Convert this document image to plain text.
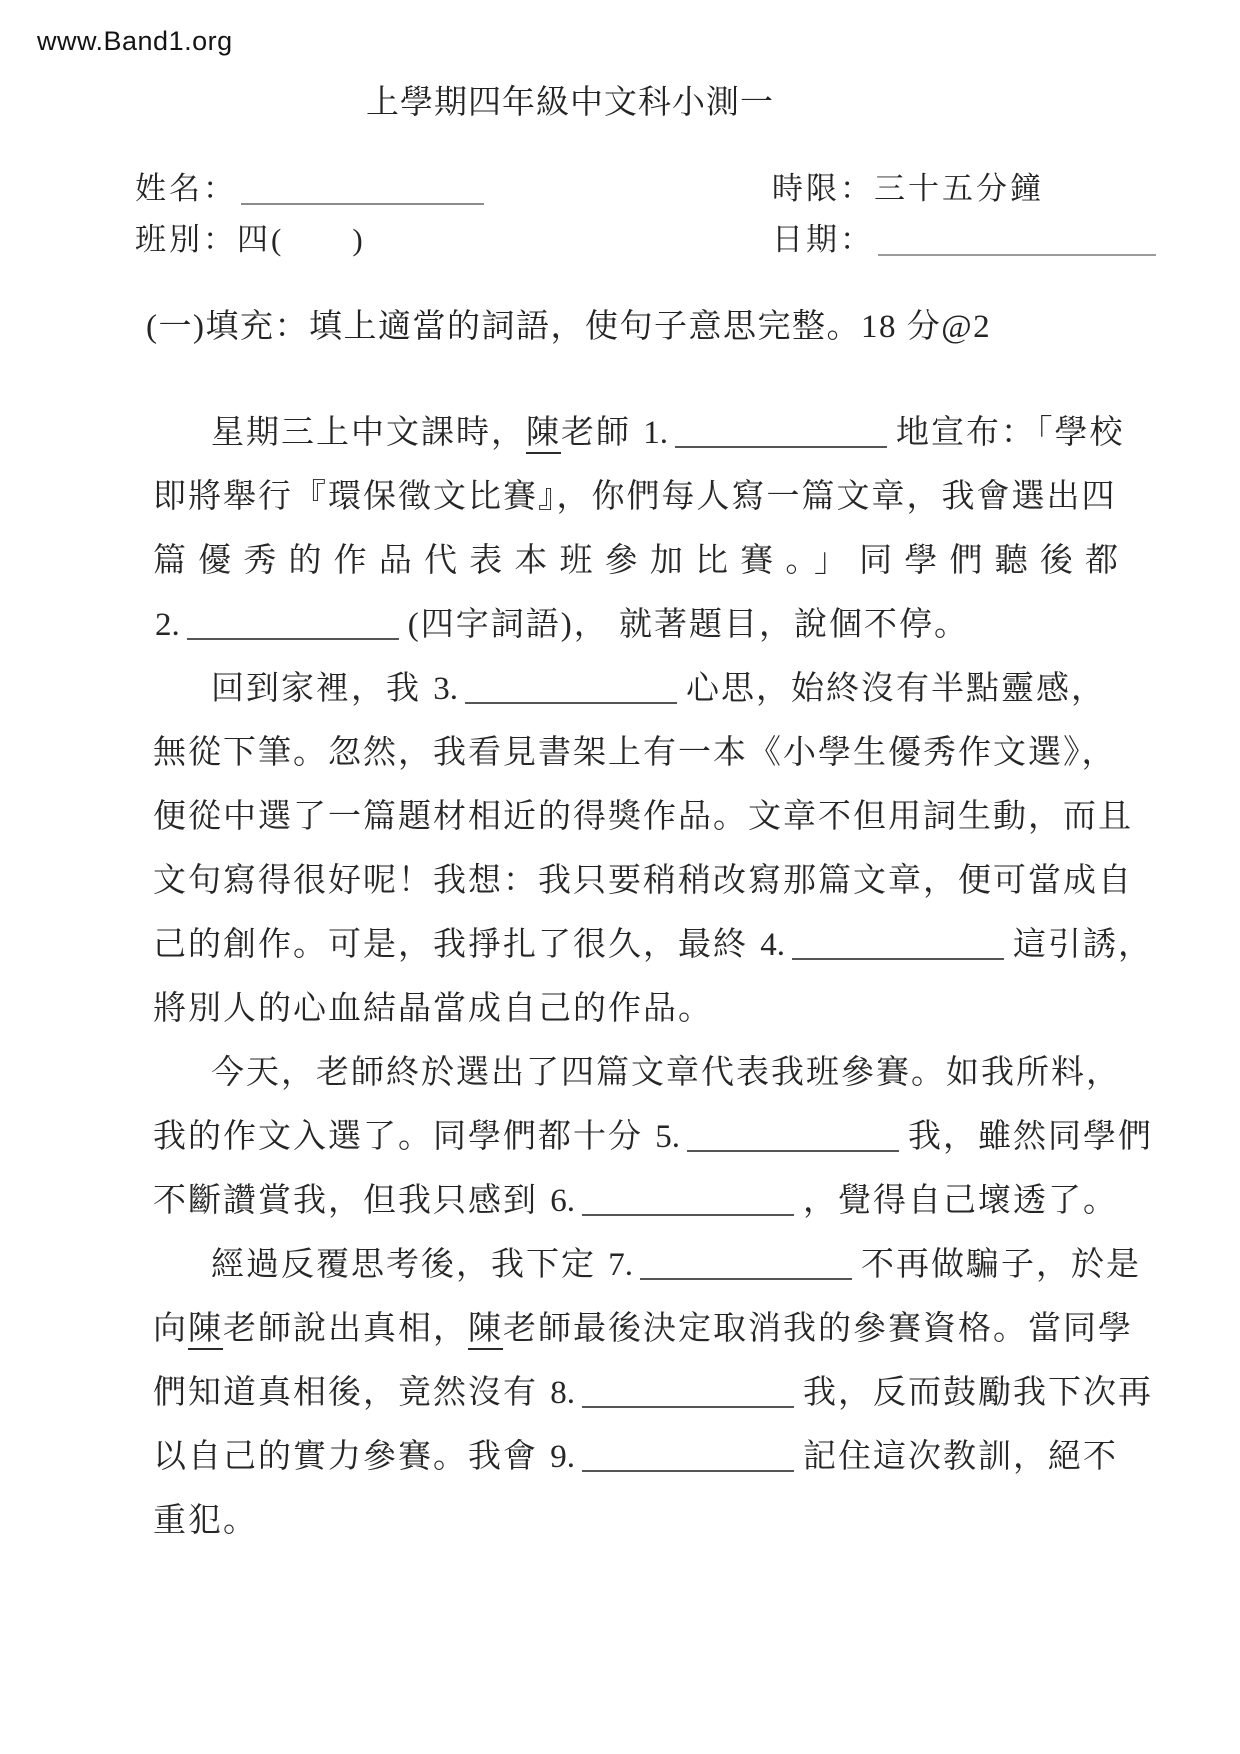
www.Band1.org
上學期四年級中文科小測一
姓名：
班別：四(　　)
時限：三十五分鐘
日期：
(一)填充：填上適當的詞語，使句子意思完整。18 分@2
星期三上中文課時，陳老師 1.	地宣布：「學校
即將舉行『環保徵文比賽』，你們每人寫一篇文章，我會選出四
篇優秀的作品代表本班參加比賽。」同學們聽後都
2.	(四字詞語)， 就著題目，說個不停。
回到家裡，我 3.	心思，始終沒有半點靈感，
無從下筆。忽然，我看見書架上有一本《小學生優秀作文選》，
便從中選了一篇題材相近的得獎作品。文章不但用詞生動，而且
文句寫得很好呢！我想：我只要稍稍改寫那篇文章，便可當成自
己的創作。可是，我掙扎了很久，最終 4.	這引誘，
將別人的心血結晶當成自己的作品。
今天，老師終於選出了四篇文章代表我班參賽。如我所料，
我的作文入選了。同學們都十分 5.	我，雖然同學們
不斷讚賞我，但我只感到 6.	，覺得自己壞透了。
經過反覆思考後，我下定 7.	不再做騙子，於是
向陳老師說出真相，陳老師最後決定取消我的參賽資格。當同學
們知道真相後，竟然沒有 8.	我，反而鼓勵我下次再
以自己的實力參賽。我會 9.	記住這次教訓，絕不
重犯。
